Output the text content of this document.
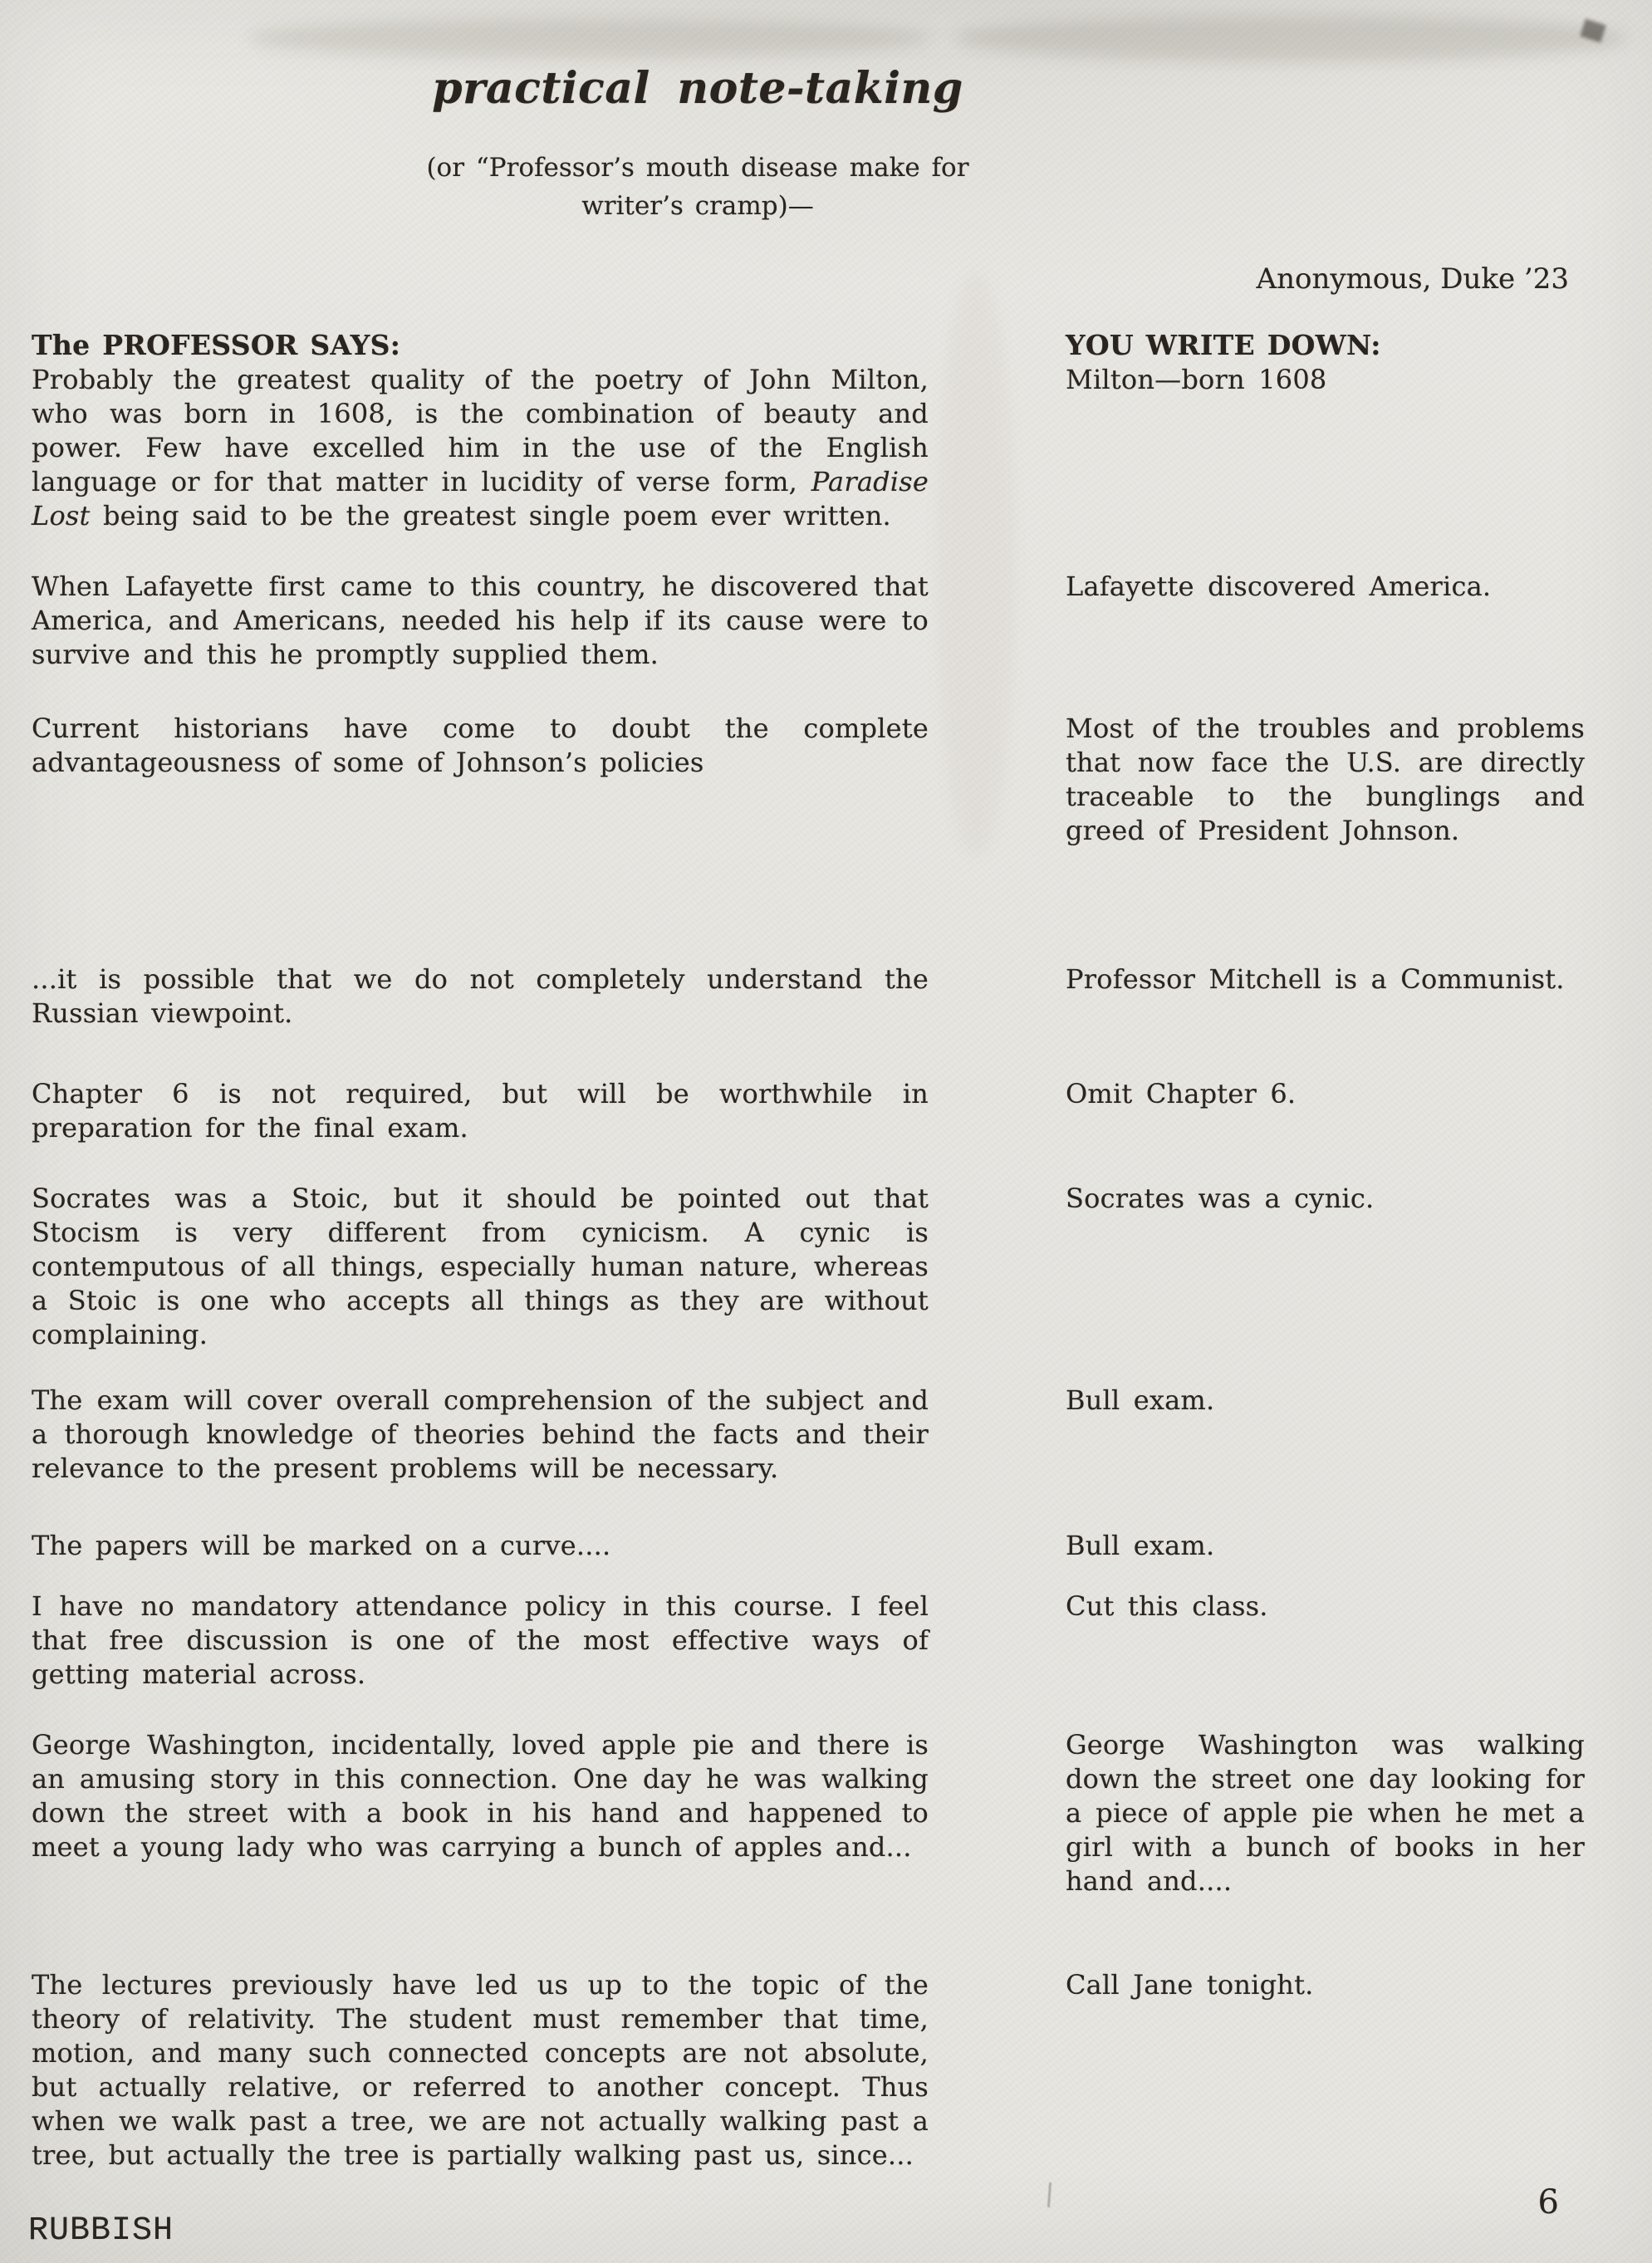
practical note-taking

(or “Professor’s mouth disease make for
writer’s cramp)—

Anonymous, Duke ’23
The PROFESSOR SAYS:	YOU WRITE DOWN:

Probably the greatest quality of the poetry of John Milton, who was born in 1608, is the combination of beauty and power. Few have excelled him in the use of the English language or for that matter in lucidity of verse form, Paradise Lost being said to be the greatest single poem ever written.

Milton—born 1608

When Lafayette first came to this country, he discovered that America, and Americans, needed his help if its cause were to survive and this he promptly supplied them.

Lafayette discovered America.

Current historians have come to doubt the complete advantageousness of some of Johnson’s policies

Most of the troubles and problems that now face the U.S. are directly traceable to the bunglings and greed of President Johnson.

...it is possible that we do not completely understand the Russian viewpoint.

Professor Mitchell is a Communist.

Chapter 6 is not required, but will be worthwhile in preparation for the final exam.

Omit Chapter 6.

Socrates was a Stoic, but it should be pointed out that Stocism is very different from cynicism. A cynic is contemputous of all things, especially human nature, whereas a Stoic is one who accepts all things as they are without complaining.

Socrates was a cynic.

The exam will cover overall comprehension of the subject and a thorough knowledge of theories behind the facts and their relevance to the present problems will be necessary.

Bull exam.

The papers will be marked on a curve....	Bull exam.

I have no mandatory attendance policy in this course. I feel that free discussion is one of the most effective ways of getting material across.

Cut this class.

George Washington, incidentally, loved apple pie and there is an amusing story in this connection. One day he was walking down the street with a book in his hand and happened to meet a young lady who was carrying a bunch of apples and...

George Washington was walking down the street one day looking for a piece of apple pie when he met a girl with a bunch of books in her hand and....

The lectures previously have led us up to the topic of the theory of relativity. The student must remember that time, motion, and many such connected concepts are not absolute, but actually relative, or referred to another concept. Thus when we walk past a tree, we are not actually walking past a tree, but actually the tree is partially walking past us, since...

Call Jane tonight.

RUBBISH
6
